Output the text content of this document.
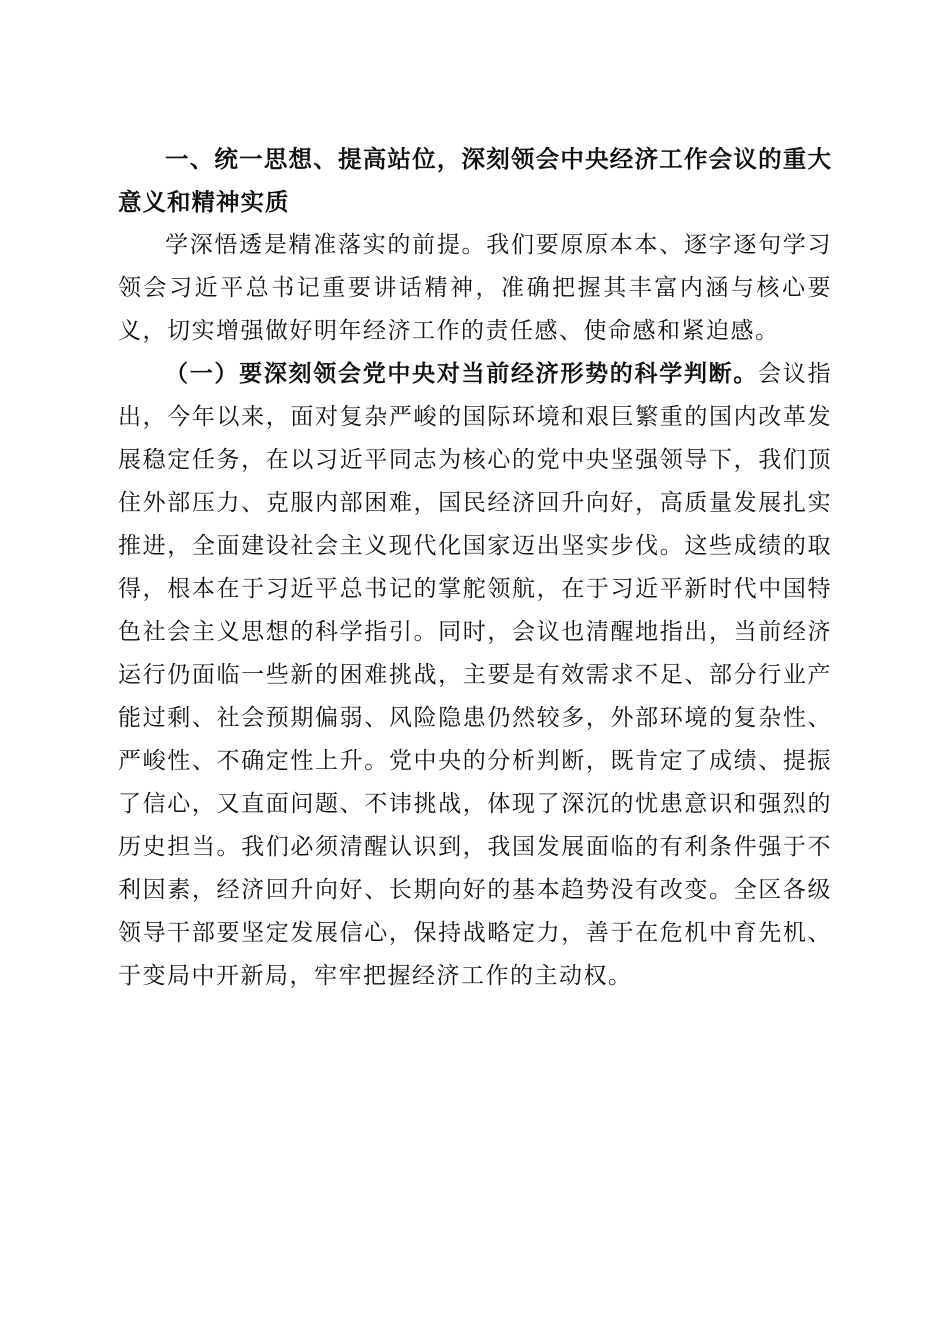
一、统一思想、提高站位，深刻领会中央经济工作会议的重大意义和精神实质

学深悟透是精准落实的前提。我们要原原本本、逐字逐句学习领会习近平总书记重要讲话精神，准确把握其丰富内涵与核心要义，切实增强做好明年经济工作的责任感、使命感和紧迫感。

（一）要深刻领会党中央对当前经济形势的科学判断。会议指出，今年以来，面对复杂严峻的国际环境和艰巨繁重的国内改革发展稳定任务，在以习近平同志为核心的党中央坚强领导下，我们顶住外部压力、克服内部困难，国民经济回升向好，高质量发展扎实推进，全面建设社会主义现代化国家迈出坚实步伐。这些成绩的取得，根本在于习近平总书记的掌舵领航，在于习近平新时代中国特色社会主义思想的科学指引。同时，会议也清醒地指出，当前经济运行仍面临一些新的困难挑战，主要是有效需求不足、部分行业产能过剩、社会预期偏弱、风险隐患仍然较多，外部环境的复杂性、严峻性、不确定性上升。党中央的分析判断，既肯定了成绩、提振了信心，又直面问题、不讳挑战，体现了深沉的忧患意识和强烈的历史担当。我们必须清醒认识到，我国发展面临的有利条件强于不利因素，经济回升向好、长期向好的基本趋势没有改变。全区各级领导干部要坚定发展信心，保持战略定力，善于在危机中育先机、于变局中开新局，牢牢把握经济工作的主动权。
